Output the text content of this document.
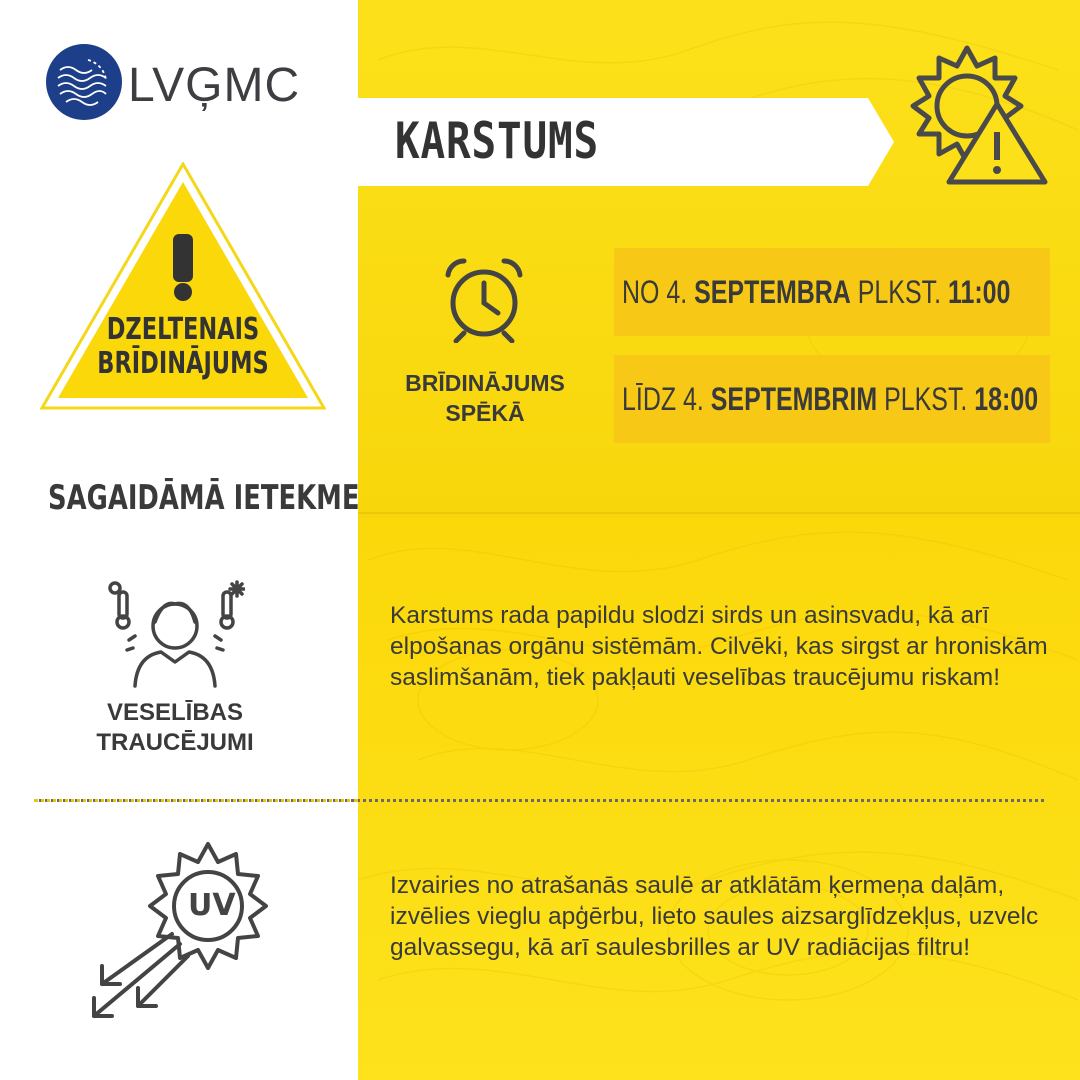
LVĢMC
KARSTUMS
DZELTENAIS
BRĪDINĀJUMS
BRĪDINĀJUMS
SPĒKĀ
NO 4. SEPTEMBRA PLKST. 11:00
LĪDZ 4. SEPTEMBRIM PLKST. 18:00
SAGAIDĀMĀ IETEKME
VESELĪBAS
TRAUCĒJUMI
Karstums rada papildu slodzi sirds un asinsvadu, kā arī elpošanas orgānu sistēmām. Cilvēki, kas sirgst ar hroniskām saslimšanām, tiek pakļauti veselības traucējumu riskam!
UV
Izvairies no atrašanās saulē ar atklātām ķermeņa daļām, izvēlies vieglu apģērbu, lieto saules aizsarglīdzekļus, uzvelc galvassegu, kā arī saulesbrilles ar UV radiācijas filtru!
